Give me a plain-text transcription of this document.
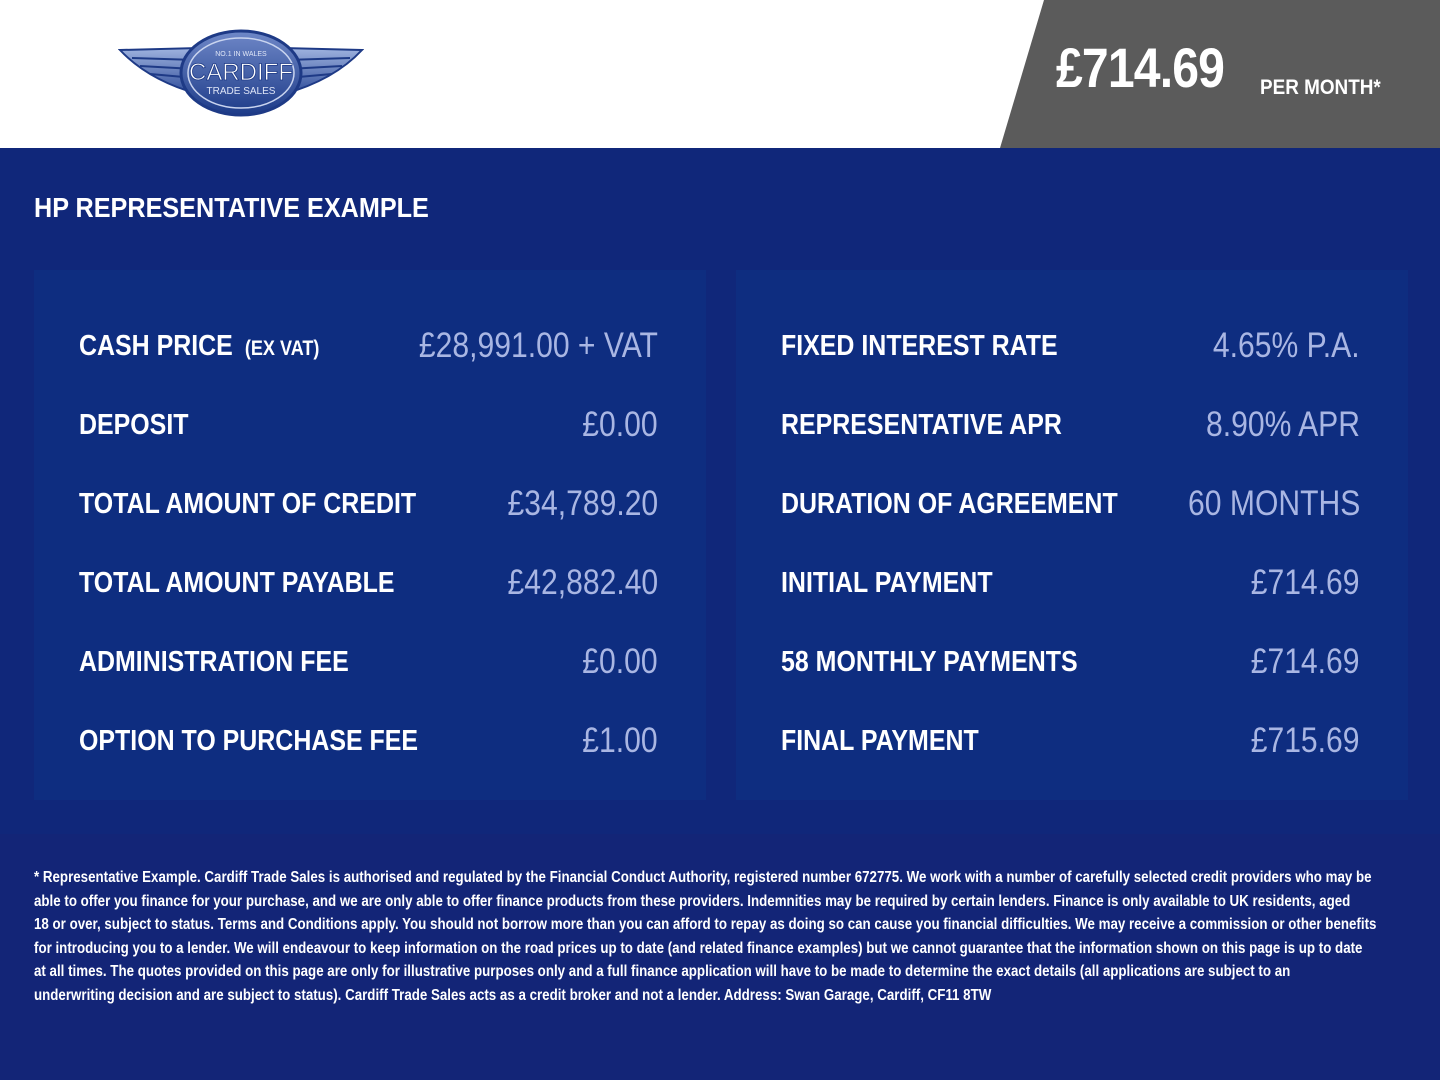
NO.1 IN WALES
CARDIFF
TRADE SALES	£714.69 PER MONTH*
HP REPRESENTATIVE EXAMPLE
CASH PRICE (EX VAT)	£28,991.00 + VAT
DEPOSIT	£0.00
TOTAL AMOUNT OF CREDIT	£34,789.20
TOTAL AMOUNT PAYABLE	£42,882.40
ADMINISTRATION FEE	£0.00
OPTION TO PURCHASE FEE	£1.00
FIXED INTEREST RATE	4.65% P.A.
REPRESENTATIVE APR	8.90% APR
DURATION OF AGREEMENT 60 MONTHS
INITIAL PAYMENT	£714.69
58 MONTHLY PAYMENTS	£714.69
FINAL PAYMENT	£715.69
* Representative Example. Cardiff Trade Sales is authorised and regulated by the Financial Conduct Authority, registered number 672775. We work with a number of carefully selected credit providers who may be
able to offer you finance for your purchase, and we are only able to offer finance products from these providers. Indemnities may be required by certain lenders. Finance is only available to UK residents, aged
18 or over, subject to status. Terms and Conditions apply. You should not borrow more than you can afford to repay as doing so can cause you financial difficulties. We may receive a commission or other benefits
for introducing you to a lender. We will endeavour to keep information on the road prices up to date (and related finance examples) but we cannot guarantee that the information shown on this page is up to date
at all times. The quotes provided on this page are only for illustrative purposes only and a full finance application will have to be made to determine the exact details (all applications are subject to an
underwriting decision and are subject to status). Cardiff Trade Sales acts as a credit broker and not a lender. Address: Swan Garage, Cardiff, CF11 8TW
